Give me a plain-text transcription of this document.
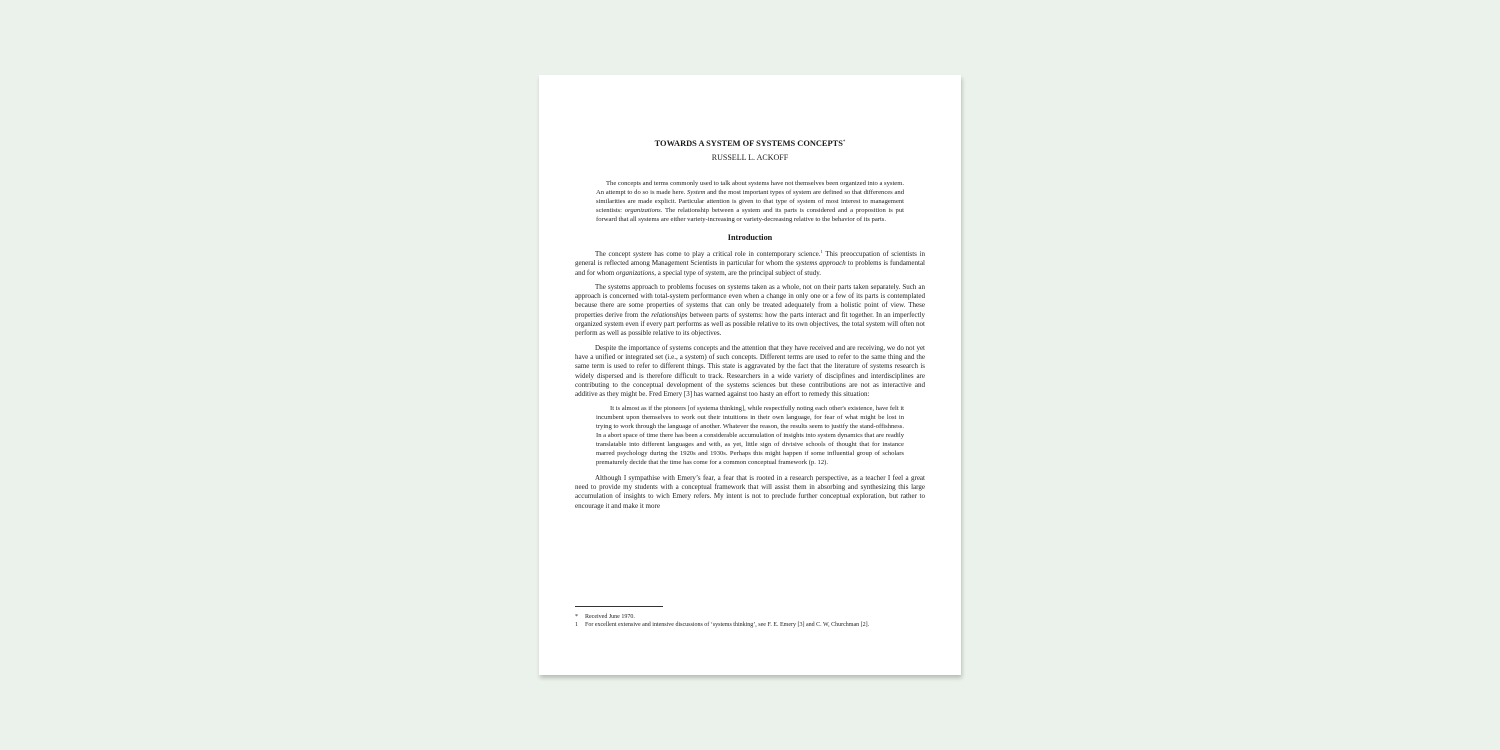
TOWARDS A SYSTEM OF SYSTEMS CONCEPTS*

RUSSELL L. ACKOFF

The concepts and terms commonly used to talk about systems have not themselves been organized into a system. An attempt to do so is made here. System and the most important types of system are defined so that differences and similarities are made explicit. Particular attention is given to that type of system of most interest to management scientists: organizations. The relationship between a system and its parts is considered and a proposition is put forward that all systems are either variety-increasing or variety-decreasing relative to the behavior of its parts.

Introduction

The concept system has come to play a critical role in contemporary science.$^1$ This preoccupation of scientists in general is reflected among Management Scientists in particular for whom the systems approach to problems is fundamental and for whom organizations, a special type of system, are the principal subject of study.

The systems approach to problems focuses on systems taken as a whole, not on their parts taken separately. Such an approach is concerned with total-system performance even when a change in only one or a few of its parts is contemplated because there are some properties of systems that can only be treated adequately from a holistic point of view. These properties derive from the relationships between parts of systems: how the parts interact and fit together. In an imperfectly organized system even if every part performs as well as possible relative to its own objectives, the total system will often not perform as well as possible relative to its objectives.

Despite the importance of systems concepts and the attention that they have received and are receiving, we do not yet have a unified or integrated set (i.e., a system) of such concepts. Different terms are used to refer to the same thing and the same term is used to refer to different things. This state is aggravated by the fact that the literature of systems research is widely dispersed and is therefore difficult to track. Researchers in a wide variety of discipfines and interdisciplines are contributing to the conceptual development of the systems sciences but these contributions are not as interactive and additive as they might be. Fred Emery [3] has warned against too hasty an effort to remedy this situation:

It is almost as if the pioneers [of systema thinking], while respectfully noting each other's existence, have felt it incumbent upon themselves to work out their intuitions in their own language, for fear of what might be lost in trying to work through the language of another. Whatever the reason, the results seem to justify the stand-offishness. In a abort space of time there has been a considerable accumulation of insights into system dynamics that are readily translatable into different languages and with, as yet, little sign of divisive schools of thought that for instance marred psychology during the 1920s and 1930s. Perhaps this might happen if some influential group of scholars prematurely decide that the time has come for a common conceptual framework (p. 12).

Although I sympathise with Emery’s fear, a fear that is rooted in a research perspective, as a teacher I feel a great need to provide my students with a conceptual framework that will assist them in absorbing and synthesizing this large accumulation of insights to wich Emery refers. My intent is not to preclude further conceptual exploration, but rather to encourage it and make it more

*	Received June 1970.

1	For excellent extensive and intensive discussions of ‘systems thinking’, see F. E. Emery [3] and C. W, Churchman [2].
